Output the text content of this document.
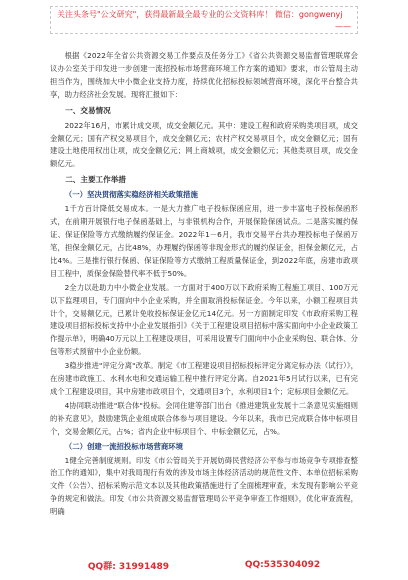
关注头条号"公文研究"，获得最新最全最专业的公文资料库！ 微信：gongwenyj
——

根据《2022年全省公共资源交易工作要点及任务分工》《省公共资源交易监督管理联席会议办公室关于印发进一步创建一流招投标市场营商环境工作方案的通知》要求，市公管局主动担当作为，围绕加大中小微企业支持力度，持续优化招标投标领域营商环境，深化平台整合共享，助力经济社会发展。现将汇报如下：

一、交易情况

2022年16月，市累计成交项，成交金额亿元。其中：建设工程和政府采购类项目项，成交金额亿元；国有产权交易项目个，成交金额亿元；农村产权交易项目个，成交金额亿元；国有建设土地使用权出让项，成交金额亿元；网上商城项，成交金额亿元；其他类项目项，成交金额亿元。

二、主要工作举措

（一）坚决贯彻落实稳经济相关政策措施

1千方百计降低交易成本。一是大力推广电子投标保函应用，进一步丰富电子投标保函形式，在前期开展银行电子保函基础上，与非银机构合作，开展保险保函试点。二是落实履约保证、保证保险等方式缴纳履约保证金。2022年1－6月，我市交易平台共办理投标电子保函万笔，担保金额亿元，占比48%，办理履约保函等非现金形式的履约保证金，担保金额亿元，占比4%。三是推行银行保函、保证保险等方式缴纳工程质量保证金，到2022年底，房建市政项目工程中，质保金保险替代率不低于50%。

2全力以赴助力中小微企业发展。一方面对于400万以下政府采购工程施工项目、100万元以下监理项目，专门面向中小企业采购，并全面取消投标保证金。今年以来，小额工程项目共计个，交易额亿元，已累计免收投标保证金亿元14亿元。另一方面制定印发《市政府采购工程建设项目招标投标支持中小企业发展指引》《关于工程建设项目招标中落实面向中小企业政策工作提示单》，明确40万元以上工程建设项目，可采用设置专门面向中小企业采购包、联合体、分包等形式预留中小企业份额。

3稳步推进"评定分离"改革。制定《市工程建设项目招标投标评定分离定标办法（试行）》，在房建市政施工、水利水电和交通运输工程中推行评定分离。自2021年5月试行以来，已有完成个工程建设项目，其中房建市政项目个，交通项目3个，水利项目1个；定标项目金额亿元。

4协同联动推进"联合体"投标。会同住建等部门出台《推进建筑业发展十二条意见实施细则的补充意见》，鼓励建筑企业组成联合体参与项目建设。今年以来，我市已完成联合体中标项目个，交易金额亿元，占%；省内企业中标项目个、中标金额亿元，占%。

（二）创建一流招投标市场营商环境

1健全完善制度规则。印发《市公管局关于开展妨碍民营经济公平参与市场竞争专项排查整治工作的通知》，集中对我局现行有效的涉及市场主体经济活动的规范性文件、本单位招标采购文件（公告）、招标采购示范文本以及其他政策措施进行了全面梳理审查，未发现有影响公平竞争的规定和做法。印发《市公共资源交易监督管理局公平竞争审查工作细则》，优化审查流程，明确

QQ群: 31991489	QQ:535304092
